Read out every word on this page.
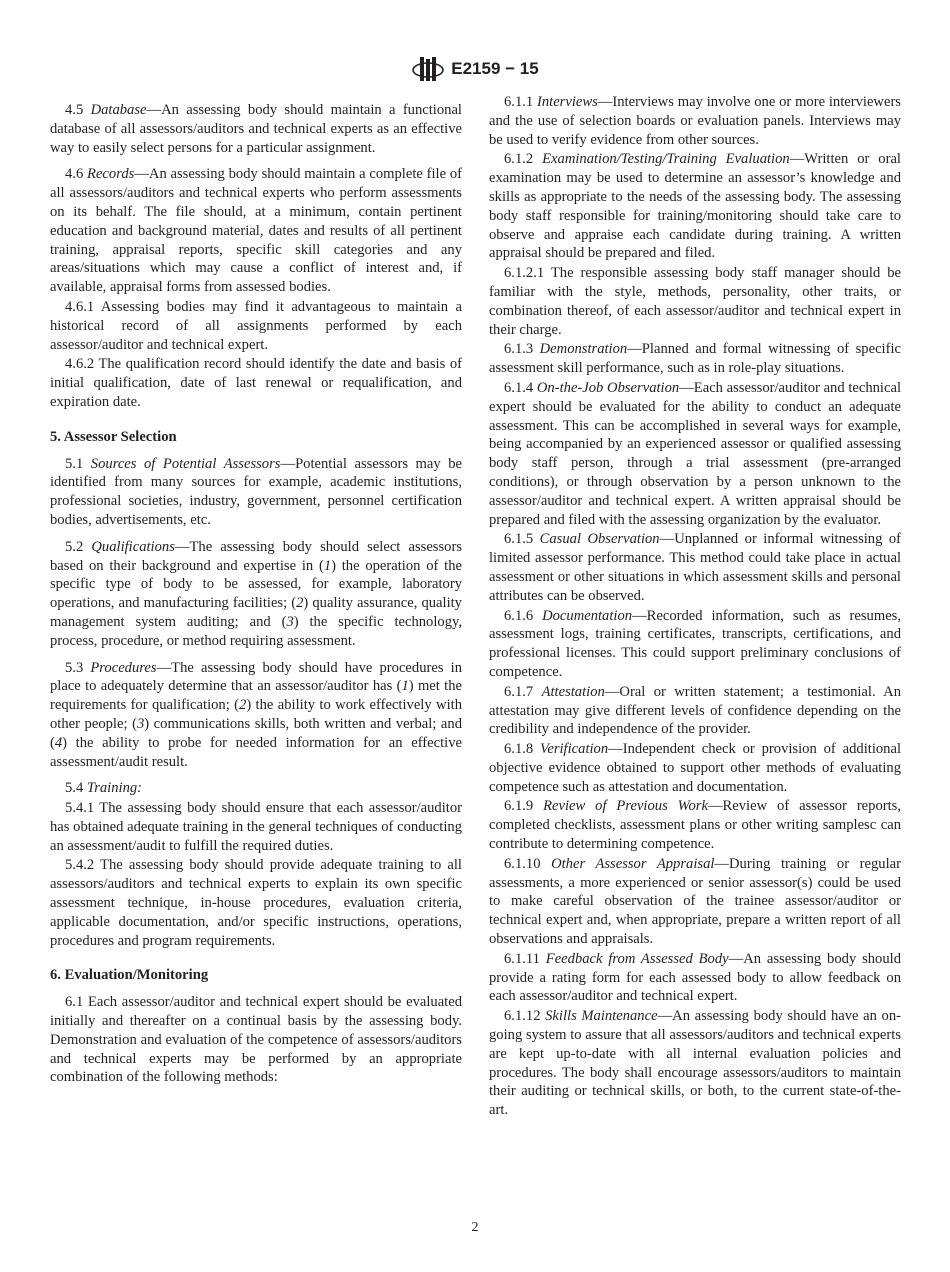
E2159 − 15

4.5 Database—An assessing body should maintain a functional database of all assessors/auditors and technical experts as an effective way to easily select persons for a particular assignment.

4.6 Records—An assessing body should maintain a complete file of all assessors/auditors and technical experts who perform assessments on its behalf. The file should, at a minimum, contain pertinent education and background material, dates and results of all pertinent training, appraisal reports, specific skill categories and any areas/situations which may cause a conflict of interest and, if available, appraisal forms from assessed bodies.

4.6.1 Assessing bodies may find it advantageous to maintain a historical record of all assignments performed by each assessor/auditor and technical expert.

4.6.2 The qualification record should identify the date and basis of initial qualification, date of last renewal or requalification, and expiration date.

5. Assessor Selection

5.1 Sources of Potential Assessors—Potential assessors may be identified from many sources for example, academic institutions, professional societies, industry, government, personnel certification bodies, advertisements, etc.

5.2 Qualifications—The assessing body should select assessors based on their background and expertise in (1) the operation of the specific type of body to be assessed, for example, laboratory operations, and manufacturing facilities; (2) quality assurance, quality management system auditing; and (3) the specific technology, process, procedure, or method requiring assessment.

5.3 Procedures—The assessing body should have procedures in place to adequately determine that an assessor/auditor has (1) met the requirements for qualification; (2) the ability to work effectively with other people; (3) communications skills, both written and verbal; and (4) the ability to probe for needed information for an effective assessment/audit result.

5.4 Training:

5.4.1 The assessing body should ensure that each assessor/auditor has obtained adequate training in the general techniques of conducting an assessment/audit to fulfill the required duties.

5.4.2 The assessing body should provide adequate training to all assessors/auditors and technical experts to explain its own specific assessment technique, in-house procedures, evaluation criteria, applicable documentation, and/or specific instructions, operations, procedures and program requirements.

6. Evaluation/Monitoring

6.1 Each assessor/auditor and technical expert should be evaluated initially and thereafter on a continual basis by the assessing body. Demonstration and evaluation of the competence of assessors/auditors and technical experts may be performed by an appropriate combination of the following methods:

6.1.1 Interviews—Interviews may involve one or more interviewers and the use of selection boards or evaluation panels. Interviews may be used to verify evidence from other sources.

6.1.2 Examination/Testing/Training Evaluation—Written or oral examination may be used to determine an assessor’s knowledge and skills as appropriate to the needs of the assessing body. The assessing body staff responsible for training/monitoring should take care to observe and appraise each candidate during training. A written appraisal should be prepared and filed.

6.1.2.1 The responsible assessing body staff manager should be familiar with the style, methods, personality, other traits, or combination thereof, of each assessor/auditor and technical expert in their charge.

6.1.3 Demonstration—Planned and formal witnessing of specific assessment skill performance, such as in role-play situations.

6.1.4 On-the-Job Observation—Each assessor/auditor and technical expert should be evaluated for the ability to conduct an adequate assessment. This can be accomplished in several ways for example, being accompanied by an experienced assessor or qualified assessing body staff person, through a trial assessment (pre-arranged conditions), or through observation by a person unknown to the assessor/auditor and technical expert. A written appraisal should be prepared and filed with the assessing organization by the evaluator.

6.1.5 Casual Observation—Unplanned or informal witnessing of limited assessor performance. This method could take place in actual assessment or other situations in which assessment skills and personal attributes can be observed.

6.1.6 Documentation—Recorded information, such as resumes, assessment logs, training certificates, transcripts, certifications, and professional licenses. This could support preliminary conclusions of competence.

6.1.7 Attestation—Oral or written statement; a testimonial. An attestation may give different levels of confidence depending on the credibility and independence of the provider.

6.1.8 Verification—Independent check or provision of additional objective evidence obtained to support other methods of evaluating competence such as attestation and documentation.

6.1.9 Review of Previous Work—Review of assessor reports, completed checklists, assessment plans or other writing samplesc can contribute to determining competence.

6.1.10 Other Assessor Appraisal—During training or regular assessments, a more experienced or senior assessor(s) could be used to make careful observation of the trainee assessor/auditor or technical expert and, when appropriate, prepare a written report of all observations and appraisals.

6.1.11 Feedback from Assessed Body—An assessing body should provide a rating form for each assessed body to allow feedback on each assessor/auditor and technical expert.

6.1.12 Skills Maintenance—An assessing body should have an on-going system to assure that all assessors/auditors and technical experts are kept up-to-date with all internal evaluation policies and procedures. The body shall encourage assessors/auditors to maintain their auditing or technical skills, or both, to the current state-of-the-art.

2
